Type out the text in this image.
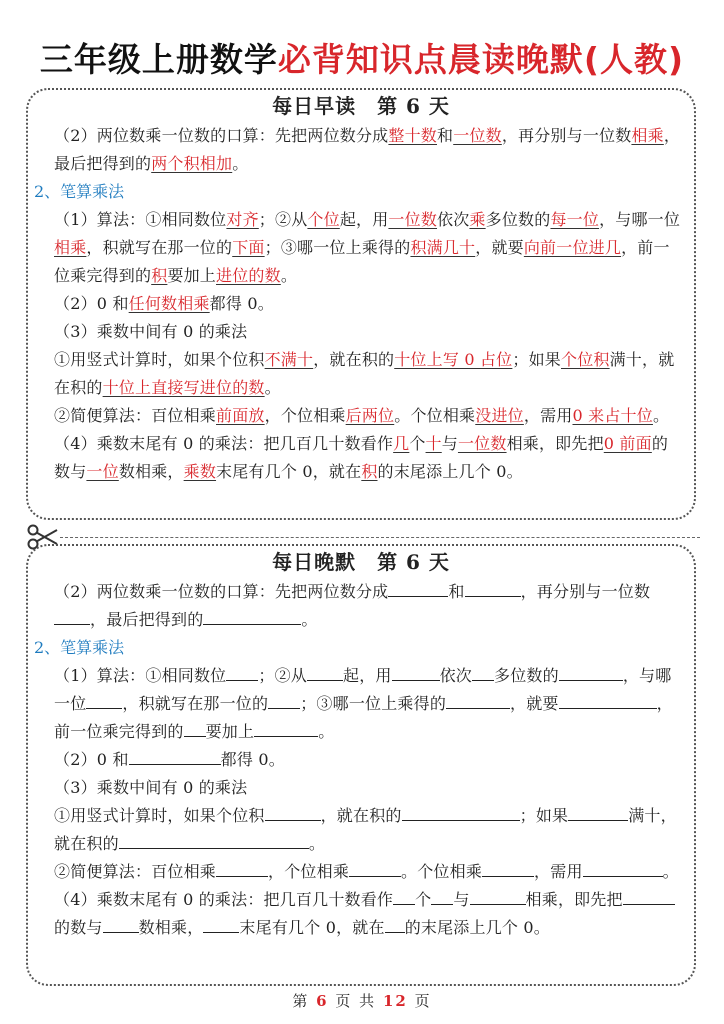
三年级上册数学必背知识点晨读晚默(人教)
每日早读　第 6 天
（2）两位数乘一位数的口算：先把两位数分成整十数和一位数，再分别与一位数相乘，最后把得到的两个积相加。
2、笔算乘法
（1）算法：①相同数位对齐；②从个位起，用一位数依次乘多位数的每一位，与哪一位相乘，积就写在那一位的下面；③哪一位上乘得的积满几十，就要向前一位进几，前一位乘完得到的积要加上进位的数。
（2）0 和任何数相乘都得 0。
（3）乘数中间有 0 的乘法
①用竖式计算时，如果个位积不满十，就在积的十位上写 0 占位；如果个位积满十，就在积的十位上直接写进位的数。
②简便算法：百位相乘前面放，个位相乘后两位。个位相乘没进位，需用0 来占十位。
（4）乘数末尾有 0 的乘法：把几百几十数看作几个十与一位数相乘，即先把0 前面的数与一位数相乘，乘数末尾有几个 0，就在积的末尾添上几个 0。
每日晚默　第 6 天
（2）两位数乘一位数的口算：先把两位数分成	和	，再分别与一位数，最后把得到的	。
2、笔算乘法
（1）算法：①相同数位 ；②从 起，用	依次 多位数的	，与哪一位 ，积就写在那一位的 ；③哪一位上乘得的	，就要	，前一位乘完得到的 要加上	。
（2）0 和	都得 0。
（3）乘数中间有 0 的乘法
①用竖式计算时，如果个位积	，就在积的	；如果	满十，就在积的	。
②简便算法：百位相乘	，个位相乘	。个位相乘	，需用	。
（4）乘数末尾有 0 的乘法：把几百几十数看作 个 与	相乘，即先把的数与 数相乘， 末尾有几个 0，就在 的末尾添上几个 0。
第 6 页 共 12 页
